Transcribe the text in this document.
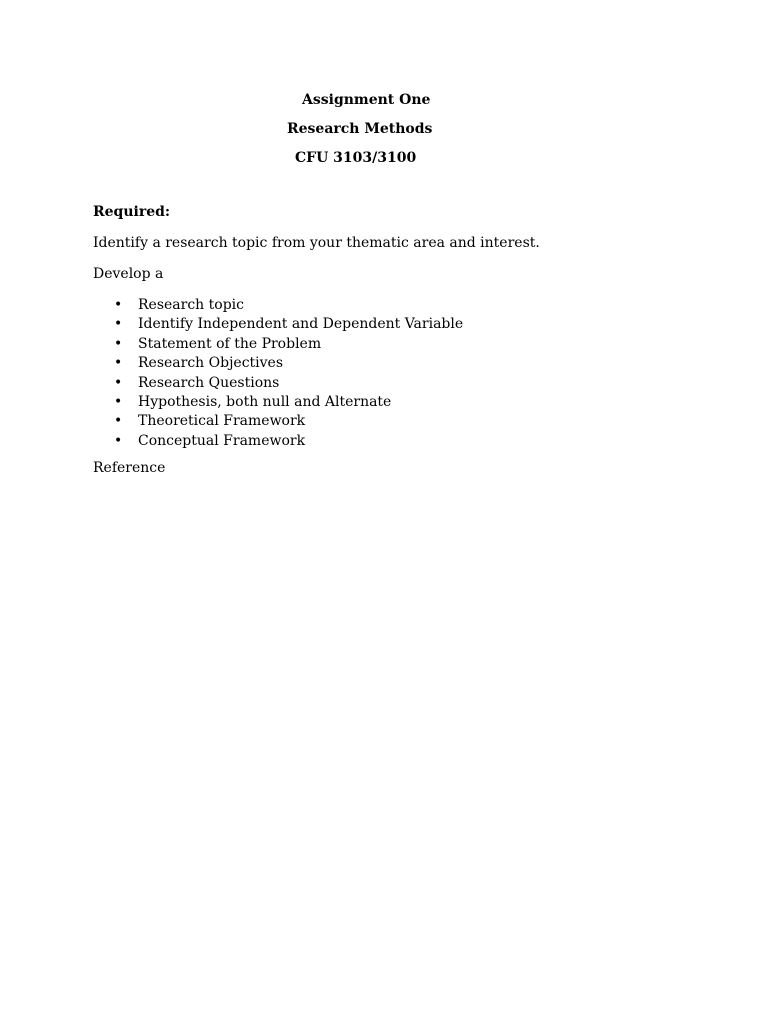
Assignment One
Research Methods
CFU 3103/3100
Required:
Identify a research topic from your thematic area and interest.
Develop a
• Research topic
• Identify Independent and Dependent Variable
• Statement of the Problem
• Research Objectives
• Research Questions
• Hypothesis, both null and Alternate
• Theoretical Framework
• Conceptual Framework
Reference
